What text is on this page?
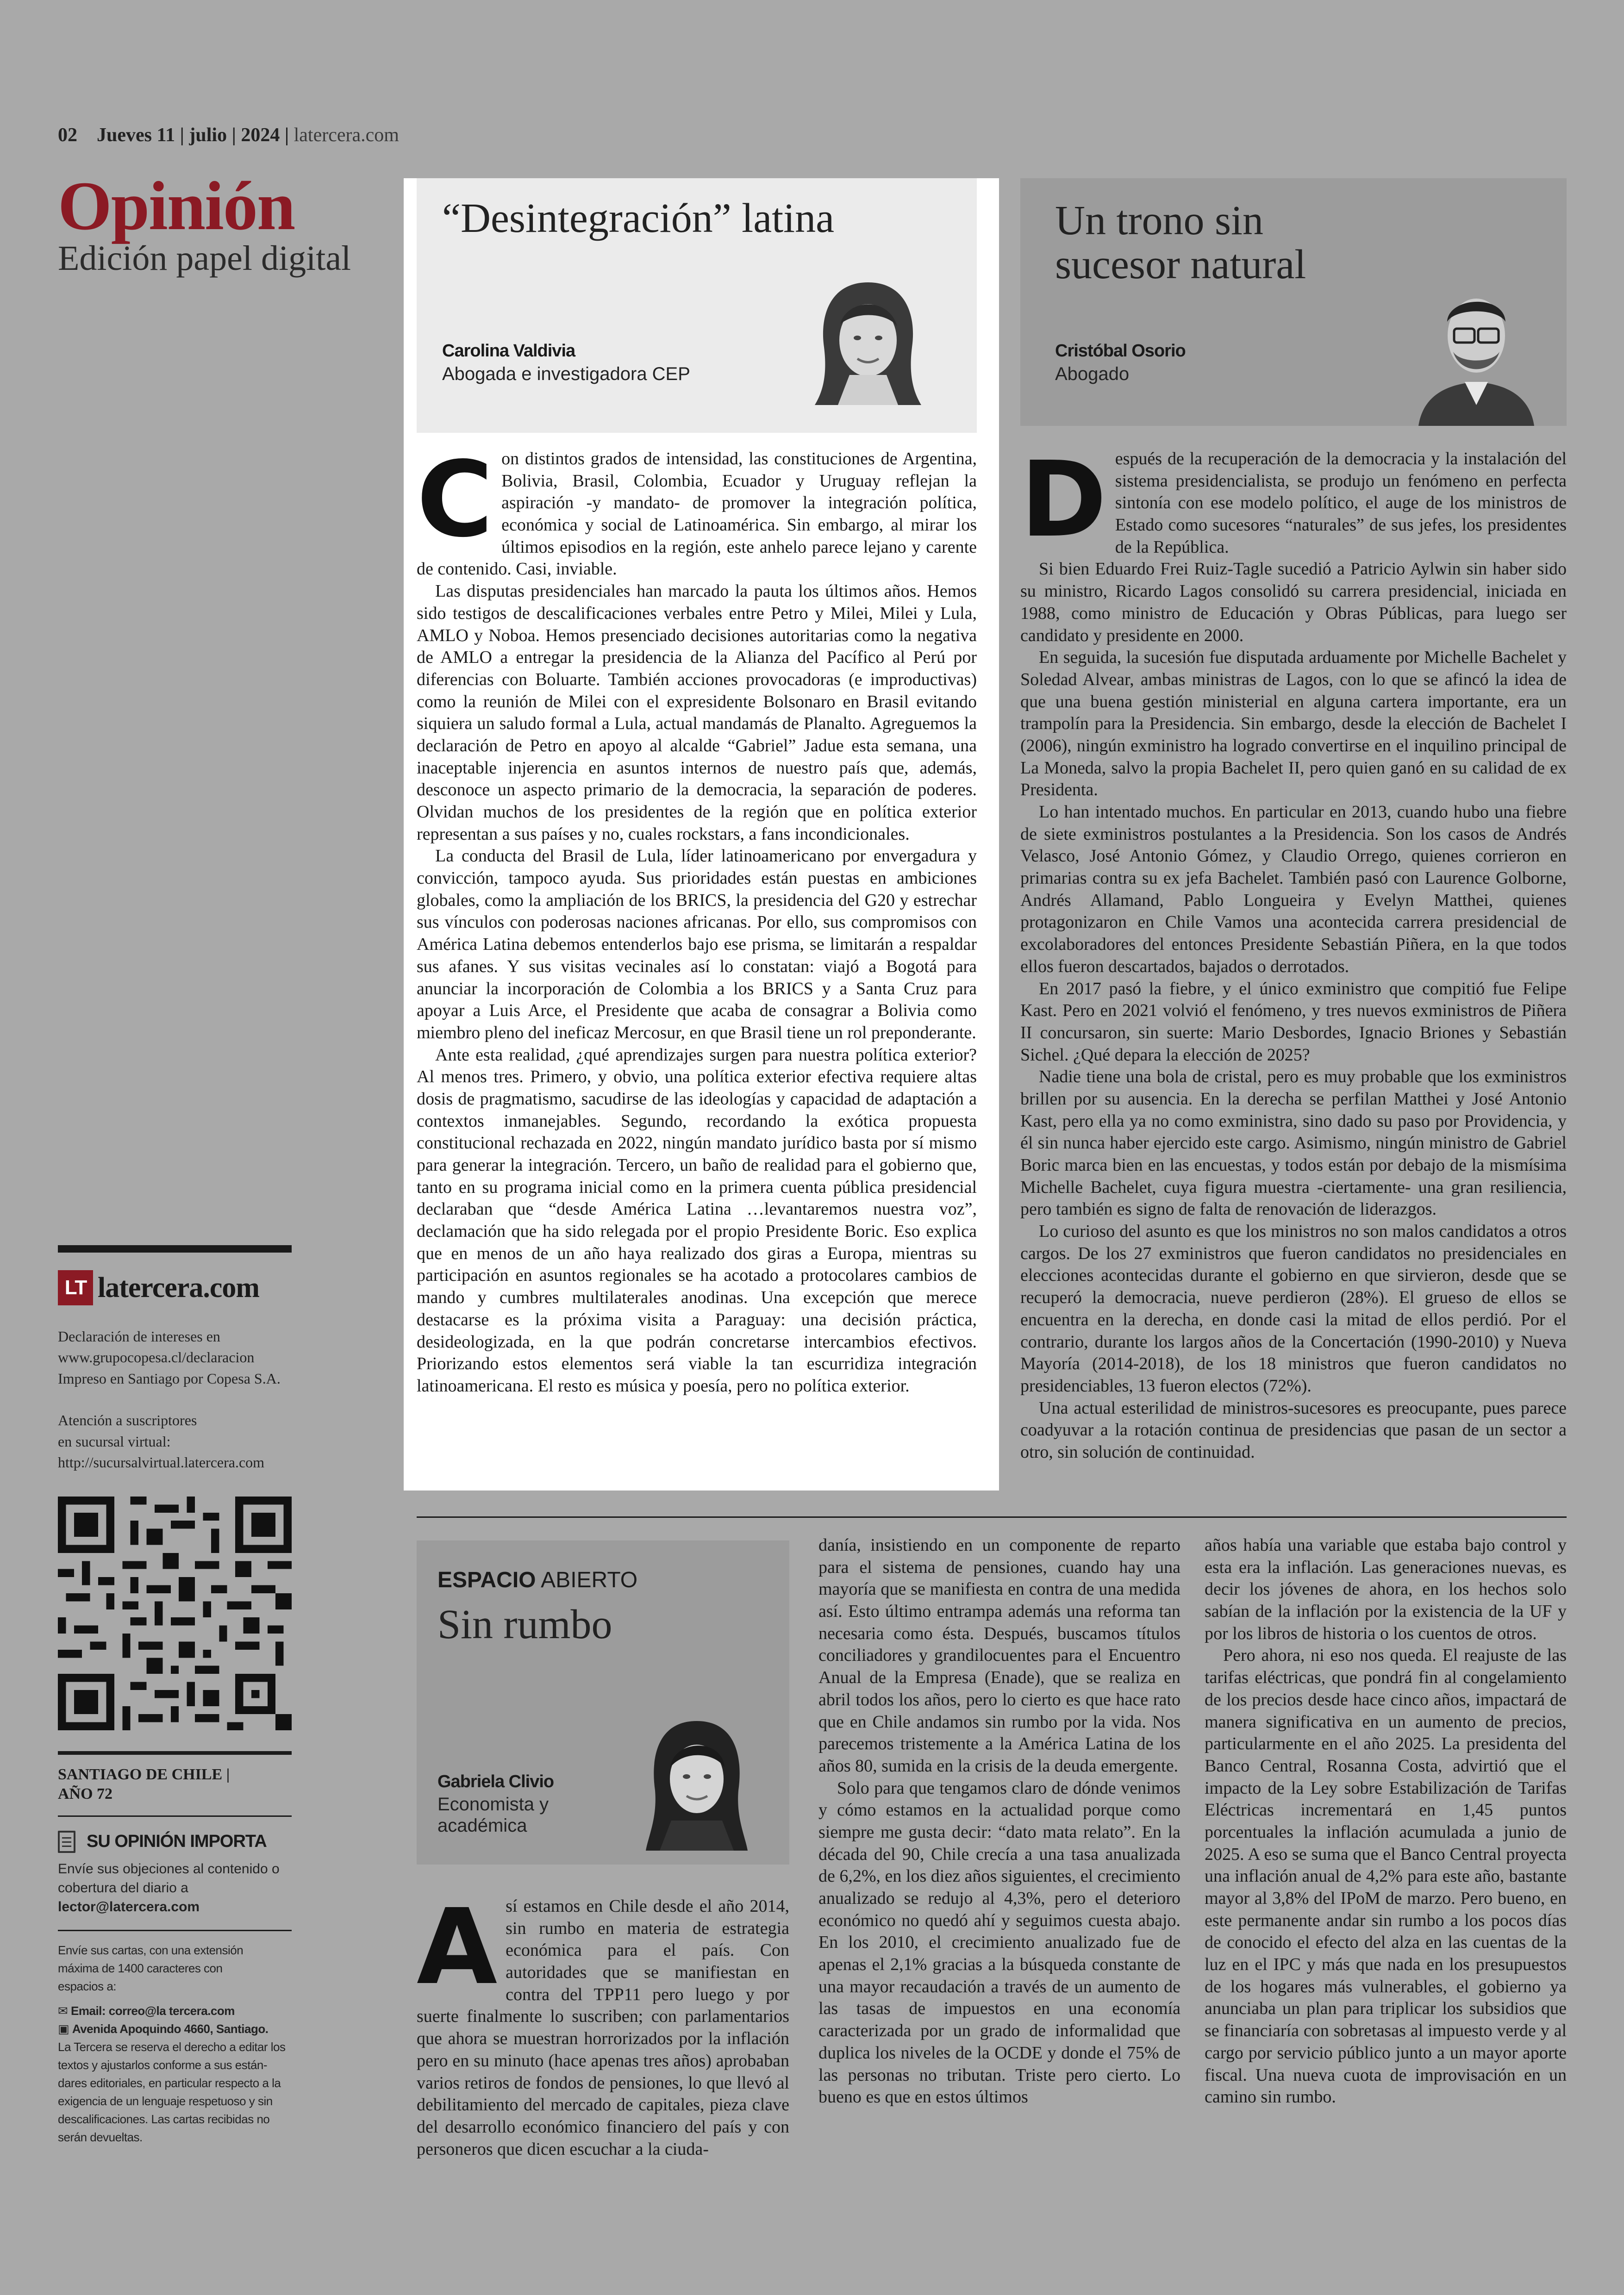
02 Jueves 11 | julio | 2024 | latercera.com
Opinión
Edición papel digital
“Desintegración” latina
Carolina Valdivia
Abogada e investigadora CEP
C on distintos grados de intensidad, las constituciones de Argentina, Bolivia, Brasil, Colombia, Ecuador y Uruguay reflejan la aspiración -y mandato- de promover la integración política, económica y social de Latinoamérica. Sin embargo, al mirar los últimos episodios en la región, este anhelo parece lejano y carente de contenido. Casi, inviable.

Las disputas presidenciales han marcado la pauta los últimos años. Hemos sido testigos de descalificaciones verbales entre Petro y Milei, Milei y Lula, AMLO y Noboa. Hemos presenciado decisiones autoritarias como la negativa de AMLO a entregar la presidencia de la Alianza del Pacífico al Perú por diferencias con Boluarte. También acciones provocadoras (e improductivas) como la reunión de Milei con el expresidente Bolsonaro en Brasil evitando siquiera un saludo formal a Lula, actual mandamás de Planalto. Agreguemos la declaración de Petro en apoyo al alcalde “Gabriel” Jadue esta semana, una inaceptable injerencia en asuntos internos de nuestro país que, además, desconoce un aspecto primario de la democracia, la separación de poderes. Olvidan muchos de los presidentes de la región que en política exterior representan a sus países y no, cuales rockstars, a fans incondicionales.

La conducta del Brasil de Lula, líder latinoamericano por envergadura y convicción, tampoco ayuda. Sus prioridades están puestas en ambiciones globales, como la ampliación de los BRICS, la presidencia del G20 y estrechar sus vínculos con poderosas naciones africanas. Por ello, sus compromisos con América Latina debemos entenderlos bajo ese prisma, se limitarán a respaldar sus afanes. Y sus visitas vecinales así lo constatan: viajó a Bogotá para anunciar la incorporación de Colombia a los BRICS y a Santa Cruz para apoyar a Luis Arce, el Presidente que acaba de consagrar a Bolivia como miembro pleno del ineficaz Mercosur, en que Brasil tiene un rol preponderante.

Ante esta realidad, ¿qué aprendizajes surgen para nuestra política exterior? Al menos tres. Primero, y obvio, una política exterior efectiva requiere altas dosis de pragmatismo, sacudirse de las ideologías y capacidad de adaptación a contextos inmanejables. Segundo, recordando la exótica propuesta constitucional rechazada en 2022, ningún mandato jurídico basta por sí mismo para generar la integración. Tercero, un baño de realidad para el gobierno que, tanto en su programa inicial como en la primera cuenta pública presidencial declaraban que “desde América Latina …levantaremos nuestra voz”, declamación que ha sido relegada por el propio Presidente Boric. Eso explica que en menos de un año haya realizado dos giras a Europa, mientras su participación en asuntos regionales se ha acotado a protocolares cambios de mando y cumbres multilaterales anodinas. Una excepción que merece destacarse es la próxima visita a Paraguay: una decisión práctica, desideologizada, en la que podrán concretarse intercambios efectivos. Priorizando estos elementos será viable la tan escurridiza integración latinoamericana. El resto es música y poesía, pero no política exterior.

Un trono sin
sucesor natural
Cristóbal Osorio
Abogado
D espués de la recuperación de la democracia y la instalación del sistema presidencialista, se produjo un fenómeno en perfecta sintonía con ese modelo político, el auge de los ministros de Estado como sucesores “naturales” de sus jefes, los presidentes de la República.

Si bien Eduardo Frei Ruiz-Tagle sucedió a Patricio Aylwin sin haber sido su ministro, Ricardo Lagos consolidó su carrera presidencial, iniciada en 1988, como ministro de Educación y Obras Públicas, para luego ser candidato y presidente en 2000.

En seguida, la sucesión fue disputada arduamente por Michelle Bachelet y Soledad Alvear, ambas ministras de Lagos, con lo que se afincó la idea de que una buena gestión ministerial en alguna cartera importante, era un trampolín para la Presidencia. Sin embargo, desde la elección de Bachelet I (2006), ningún exministro ha logrado convertirse en el inquilino principal de La Moneda, salvo la propia Bachelet II, pero quien ganó en su calidad de ex Presidenta.

Lo han intentado muchos. En particular en 2013, cuando hubo una fiebre de siete exministros postulantes a la Presidencia. Son los casos de Andrés Velasco, José Antonio Gómez, y Claudio Orrego, quienes corrieron en primarias contra su ex jefa Bachelet. También pasó con Laurence Golborne, Andrés Allamand, Pablo Longueira y Evelyn Matthei, quienes protagonizaron en Chile Vamos una acontecida carrera presidencial de excolaboradores del entonces Presidente Sebastián Piñera, en la que todos ellos fueron descartados, bajados o derrotados.

En 2017 pasó la fiebre, y el único exministro que compitió fue Felipe Kast. Pero en 2021 volvió el fenómeno, y tres nuevos exministros de Piñera II concursaron, sin suerte: Mario Desbordes, Ignacio Briones y Sebastián Sichel. ¿Qué depara la elección de 2025?

Nadie tiene una bola de cristal, pero es muy probable que los exministros brillen por su ausencia. En la derecha se perfilan Matthei y José Antonio Kast, pero ella ya no como exministra, sino dado su paso por Providencia, y él sin nunca haber ejercido este cargo. Asimismo, ningún ministro de Gabriel Boric marca bien en las encuestas, y todos están por debajo de la mismísima Michelle Bachelet, cuya figura muestra -ciertamente- una gran resiliencia, pero también es signo de falta de renovación de liderazgos.

Lo curioso del asunto es que los ministros no son malos candidatos a otros cargos. De los 27 exministros que fueron candidatos no presidenciales en elecciones acontecidas durante el gobierno en que sirvieron, desde que se recuperó la democracia, nueve perdieron (28%). El grueso de ellos se encuentra en la derecha, en donde casi la mitad de ellos perdió. Por el contrario, durante los largos años de la Concertación (1990-2010) y Nueva Mayoría (2014-2018), de los 18 ministros que fueron candidatos no presidenciables, 13 fueron electos (72%).

Una actual esterilidad de ministros-sucesores es preocupante, pues parece coadyuvar a la rotación continua de presidencias que pasan de un sector a otro, sin solución de continuidad.

ESPACIO ABIERTO
Sin rumbo
Gabriela Clivio
Economista y
académica
A sí estamos en Chile desde el año 2014, sin rumbo en materia de estrategia económica para el país. Con autoridades que se manifiestan en contra del TPP11 pero luego y por suerte finalmente lo suscriben; con parlamentarios que ahora se muestran horrorizados por la inflación pero en su minuto (hace apenas tres años) aprobaban varios retiros de fondos de pensiones, lo que llevó al debilitamiento del mercado de capitales, pieza clave del desarrollo económico financiero del país y con personeros que dicen escuchar a la ciuda-

danía, insistiendo en un componente de reparto para el sistema de pensiones, cuando hay una mayoría que se manifiesta en contra de una medida así. Esto último entrampa además una reforma tan necesaria como ésta. Después, buscamos títulos conciliadores y grandilocuentes para el Encuentro Anual de la Empresa (Enade), que se realiza en abril todos los años, pero lo cierto es que hace rato que en Chile andamos sin rumbo por la vida. Nos parecemos tristemente a la América Latina de los años 80, sumida en la crisis de la deuda emergente.

Solo para que tengamos claro de dónde venimos y cómo estamos en la actualidad porque como siempre me gusta decir: “dato mata relato”. En la década del 90, Chile crecía a una tasa anualizada de 6,2%, en los diez años siguientes, el crecimiento anualizado se redujo al 4,3%, pero el deterioro económico no quedó ahí y seguimos cuesta abajo. En los 2010, el crecimiento anualizado fue de apenas el 2,1% gracias a la búsqueda constante de una mayor recaudación a través de un aumento de las tasas de impuestos en una economía caracterizada por un grado de informalidad que duplica los niveles de la OCDE y donde el 75% de las personas no tributan. Triste pero cierto. Lo bueno es que en estos últimos

años había una variable que estaba bajo control y esta era la inflación. Las generaciones nuevas, es decir los jóvenes de ahora, en los hechos solo sabían de la inflación por la existencia de la UF y por los libros de historia o los cuentos de otros.

Pero ahora, ni eso nos queda. El reajuste de las tarifas eléctricas, que pondrá fin al congelamiento de los precios desde hace cinco años, impactará de manera significativa en un aumento de precios, particularmente en el año 2025. La presidenta del Banco Central, Rosanna Costa, advirtió que el impacto de la Ley sobre Estabilización de Tarifas Eléctricas incrementará en 1,45 puntos porcentuales la inflación acumulada a junio de 2025. A eso se suma que el Banco Central proyecta una inflación anual de 4,2% para este año, bastante mayor al 3,8% del IPoM de marzo. Pero bueno, en este permanente andar sin rumbo a los pocos días de conocido el efecto del alza en las cuentas de la luz en el IPC y más que nada en los presupuestos de los hogares más vulnerables, el gobierno ya anunciaba un plan para triplicar los subsidios que se financiaría con sobretasas al impuesto verde y al cargo por servicio público junto a un mayor aporte fiscal. Una nueva cuota de improvisación en un camino sin rumbo.

LT latercera.com
Declaración de intereses en
www.grupocopesa.cl/declaracion
Impreso en Santiago por Copesa S.A.
Atención a suscriptores
en sucursal virtual:
http://sucursalvirtual.latercera.com
SANTIAGO DE CHILE |
AÑO 72
SU OPINIÓN IMPORTA
Envíe sus objeciones al contenido o
cobertura del diario a
lector@latercera.com
Envíe sus cartas, con una extensión
máxima de 1400 caracteres con
espacios a:
✉ Email: correo@la tercera.com
▣ Avenida Apoquindo 4660, Santiago.
La Tercera se reserva el derecho a editar los
textos y ajustarlos conforme a sus están-
dares editoriales, en particular respecto a la
exigencia de un lenguaje respetuoso y sin
descalificaciones. Las cartas recibidas no
serán devueltas.
